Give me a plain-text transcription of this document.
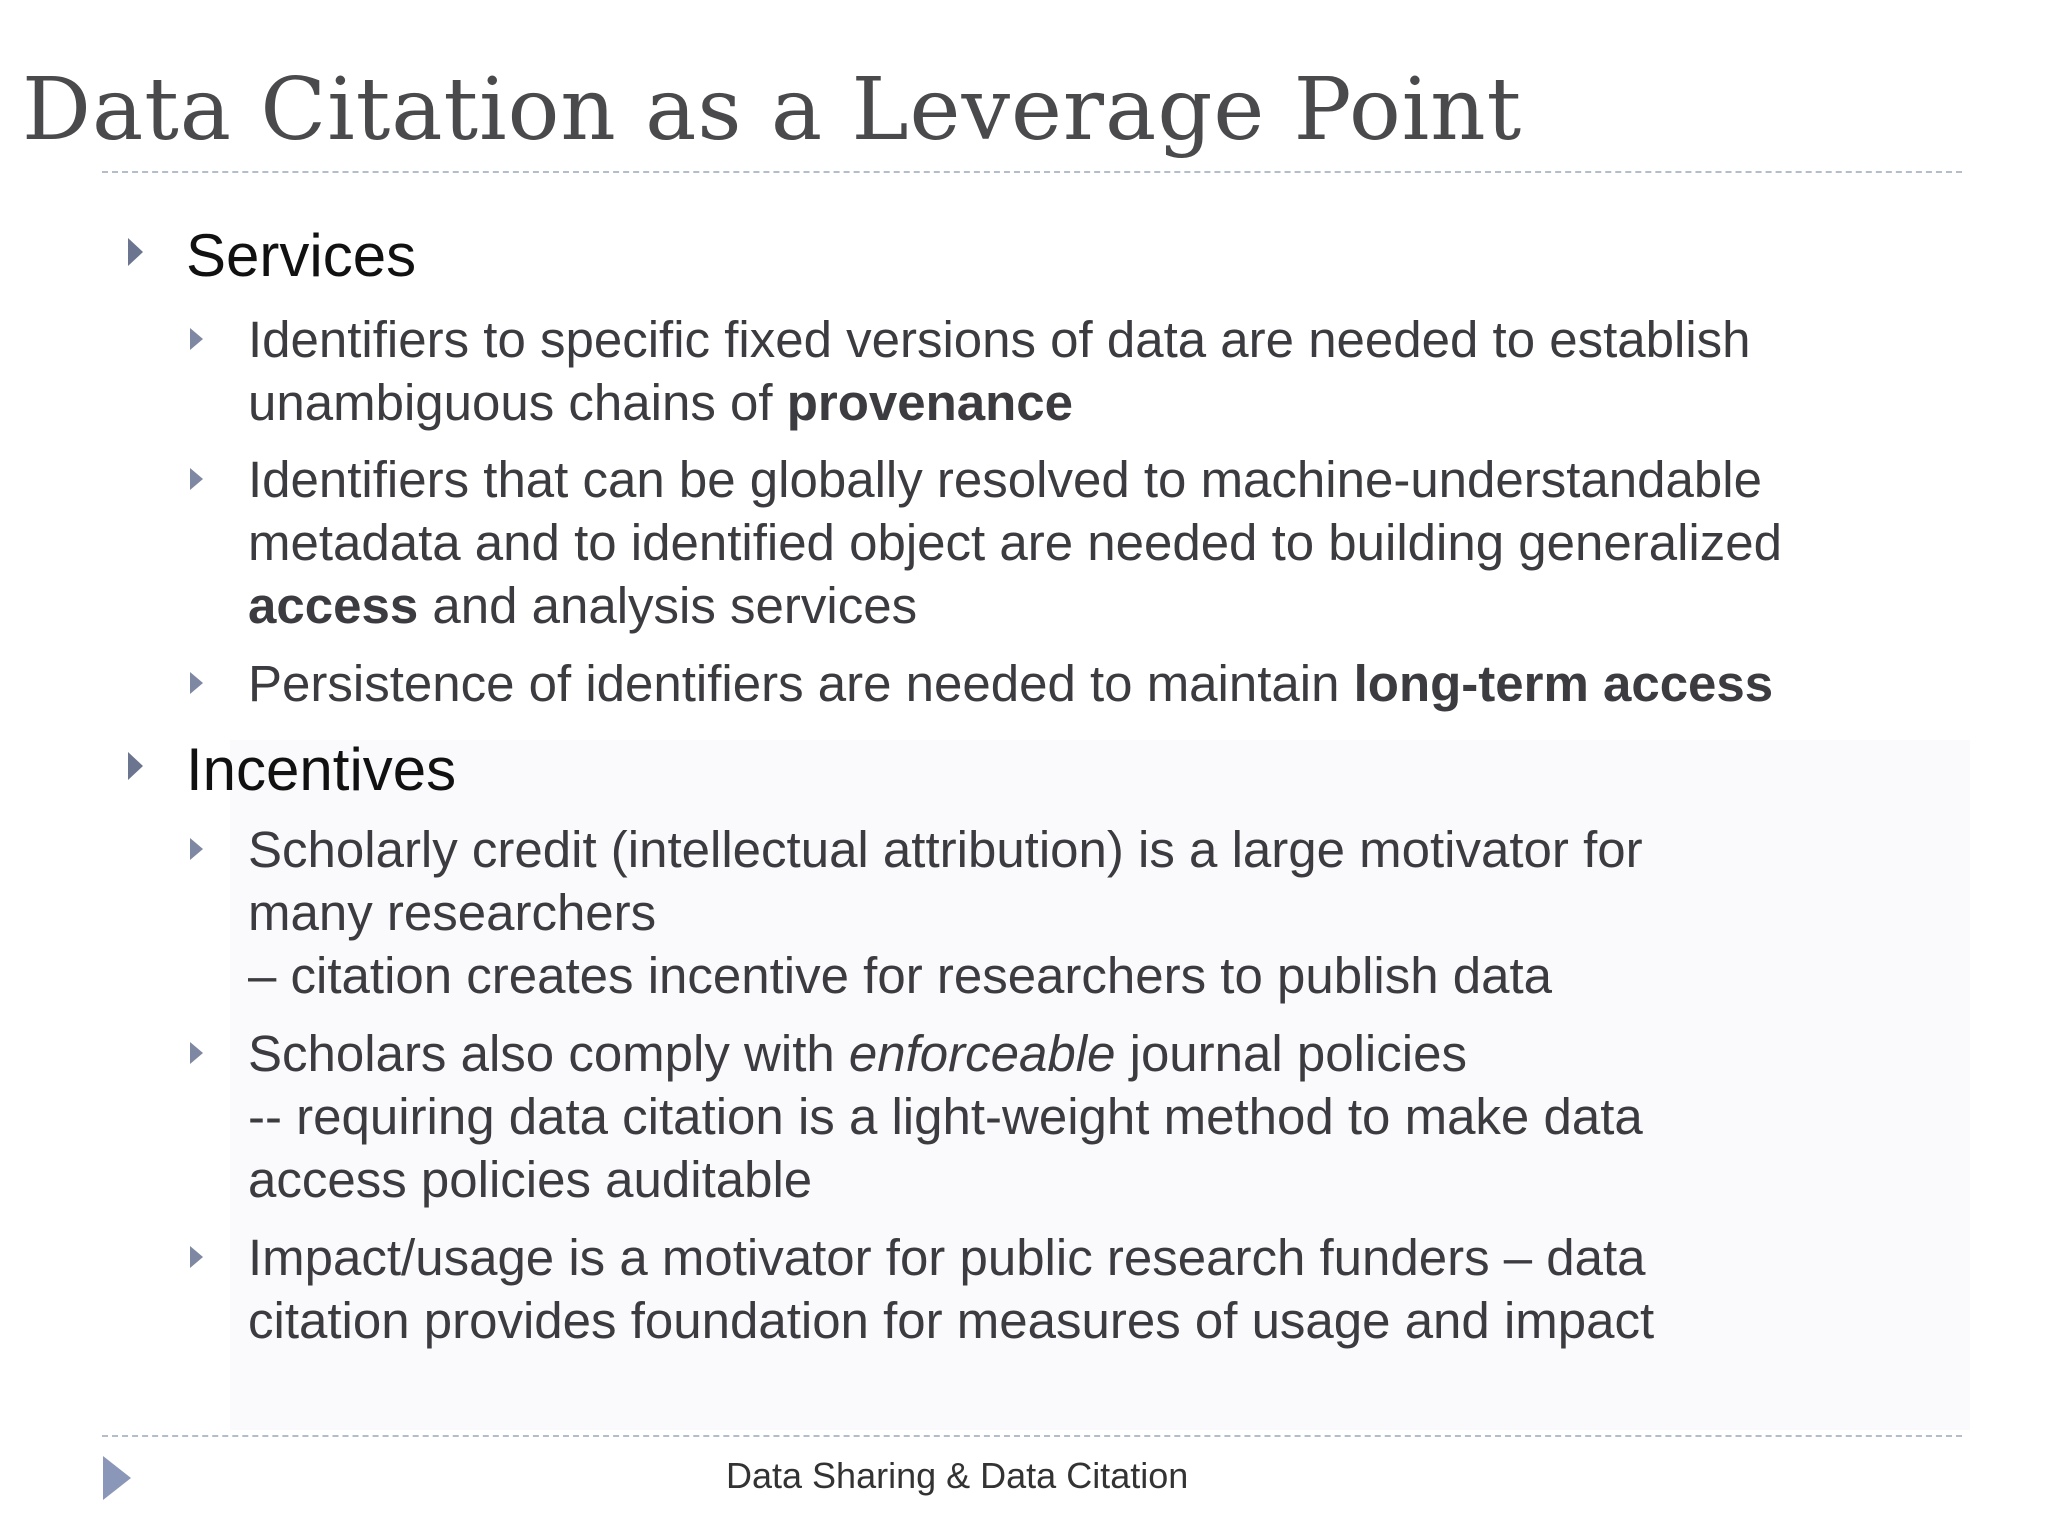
Data Citation as a Leverage Point
Services
Identifiers to specific fixed versions of data are needed to establish
unambiguous chains of provenance
Identifiers that can be globally resolved to machine-understandable
metadata and to identified object are needed to building generalized
access and analysis services
Persistence of identifiers are needed to maintain long-term access
Incentives
Scholarly credit (intellectual attribution) is a large motivator for
many researchers
– citation creates incentive for researchers to publish data
Scholars also comply with enforceable journal policies
-- requiring data citation is a light-weight method to make data
access policies auditable
Impact/usage is a motivator for public research funders – data
citation provides foundation for measures of usage and impact
Data Sharing & Data Citation
